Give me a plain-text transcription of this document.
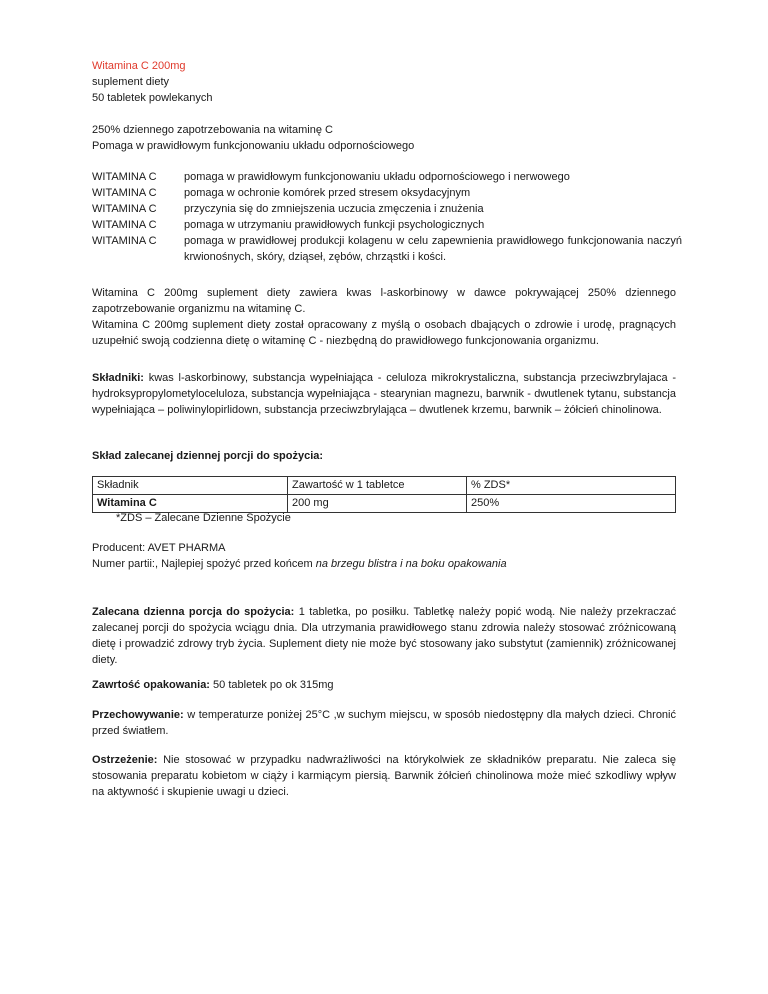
Witamina C 200mg

suplement diety

50 tabletek powlekanych

250% dziennego zapotrzebowania na witaminę C

Pomaga w prawidłowym funkcjonowaniu układu odpornościowego

WITAMINA C	pomaga w prawidłowym funkcjonowaniu układu odpornościowego i nerwowego
WITAMINA C	pomaga w ochronie komórek przed stresem oksydacyjnym
WITAMINA C	przyczynia się do zmniejszenia uczucia zmęczenia i znużenia
WITAMINA C	pomaga w utrzymaniu prawidłowych funkcji psychologicznych
WITAMINA C	pomaga w prawidłowej produkcji kolagenu w celu zapewnienia prawidłowego funkcjonowania naczyń krwionośnych, skóry, dziąseł, zębów, chrząstki i kości.

Witamina C 200mg suplement diety zawiera kwas l-askorbinowy w dawce pokrywającej 250% dziennego zapotrzebowanie organizmu na witaminę C.

Witamina C 200mg suplement diety został opracowany z myślą o osobach dbających o zdrowie i urodę, pragnących uzupełnić swoją codzienna dietę o witaminę C - niezbędną do prawidłowego funkcjonowania organizmu.

Składniki: kwas l-askorbinowy, substancja wypełniająca - celuloza mikrokrystaliczna, substancja przeciwzbrylajaca - hydroksypropylometyloceluloza, substancja wypełniająca - stearynian magnezu, barwnik - dwutlenek tytanu, substancja wypełniająca – poliwinylopirlidown, substancja przeciwzbrylająca – dwutlenek krzemu, barwnik – żółcień chinolinowa.

Skład zalecanej dziennej porcji do spożycia:

Składnik	Zawartość w 1 tabletce	% ZDS*
Witamina C	200 mg	250%
*ZDS – Zalecane Dzienne Spożycie

Producent: AVET PHARMA

Numer partii:, Najlepiej spożyć przed końcem na brzegu blistra i na boku opakowania

Zalecana dzienna porcja do spożycia: 1 tabletka, po posiłku. Tabletkę należy popić wodą. Nie należy przekraczać zalecanej porcji do spożycia wciągu dnia. Dla utrzymania prawidłowego stanu zdrowia należy stosować zróżnicowaną dietę i prowadzić zdrowy tryb życia. Suplement diety nie może być stosowany jako substytut (zamiennik) zróżnicowanej diety.

Zawrtość opakowania: 50 tabletek po ok 315mg

Przechowywanie: w temperaturze poniżej 25°C ,w suchym miejscu, w sposób niedostępny dla małych dzieci. Chronić przed światłem.

Ostrzeżenie: Nie stosować w przypadku nadwrażliwości na którykolwiek ze składników preparatu. Nie zaleca się stosowania preparatu kobietom w ciąży i karmiącym piersią. Barwnik żółcień chinolinowa może mieć szkodliwy wpływ na aktywność i skupienie uwagi u dzieci.
